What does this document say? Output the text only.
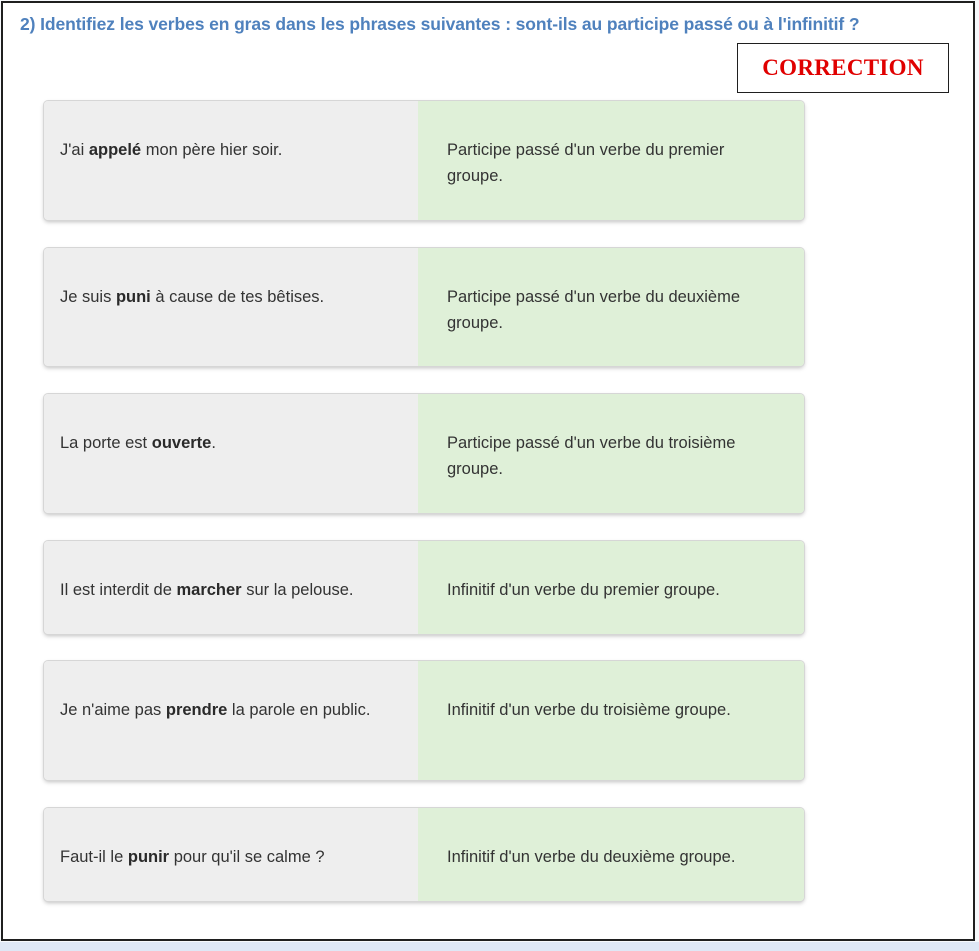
2) Identifiez les verbes en gras dans les phrases suivantes : sont-ils au participe passé ou à l'infinitif ?
CORRECTION
J'ai appelé mon père hier soir.	Participe passé d'un verbe du premier groupe.
Je suis puni à cause de tes bêtises.	Participe passé d'un verbe du deuxième groupe.
La porte est ouverte.	Participe passé d'un verbe du troisième groupe.
Il est interdit de marcher sur la pelouse.	Infinitif d'un verbe du premier groupe.
Je n'aime pas prendre la parole en public.	Infinitif d'un verbe du troisième groupe.
Faut-il le punir pour qu'il se calme ?	Infinitif d'un verbe du deuxième groupe.
